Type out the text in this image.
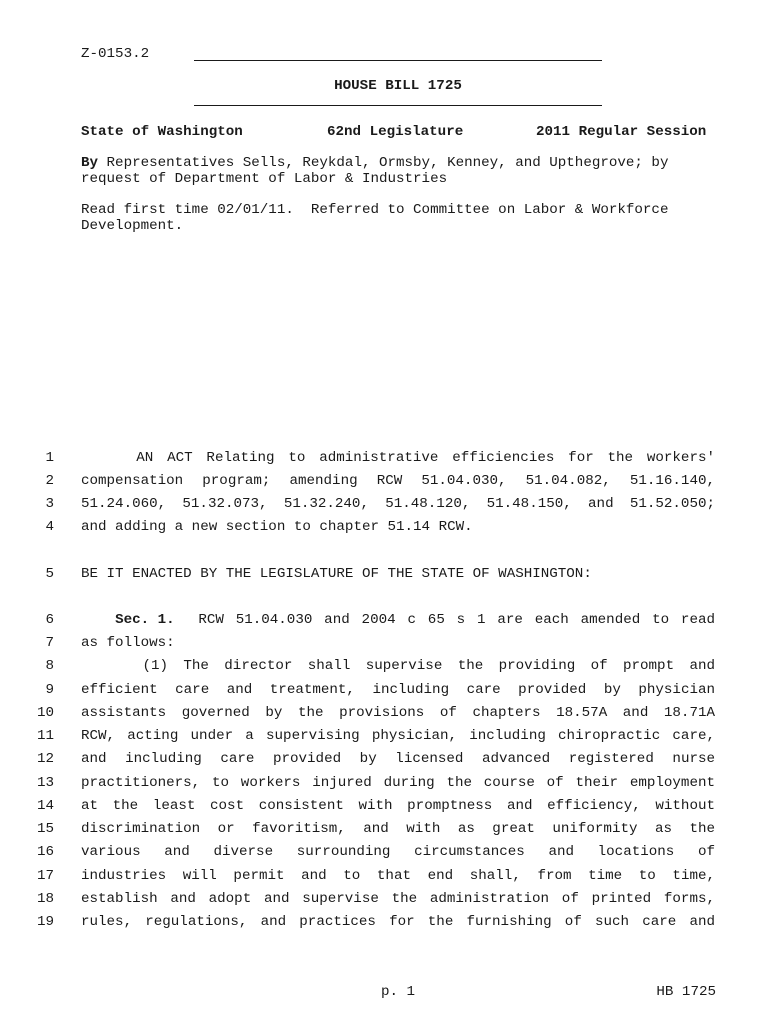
Z-0153.2
HOUSE BILL 1725
State of Washington	62nd Legislature	2011 Regular Session
By Representatives Sells, Reykdal, Ormsby, Kenney, and Upthegrove; by
request of Department of Labor & Industries
Read first time 02/01/11.  Referred to Committee on Labor & Workforce
Development.
1 AN ACT Relating to administrative efficiencies for the workers'
2 compensation program; amending RCW 51.04.030, 51.04.082, 51.16.140,
3 51.24.060, 51.32.073, 51.32.240, 51.48.120, 51.48.150, and 51.52.050;
4 and adding a new section to chapter 51.14 RCW.
5 BE IT ENACTED BY THE LEGISLATURE OF THE STATE OF WASHINGTON:
6
	Sec. 1. RCW 51.04.030 and 2004 c 65 s 1 are each amended to read
7 as follows:
8 (1) The director shall supervise the providing of prompt and
9 efficient care and treatment, including care provided by physician
10 assistants governed by the provisions of chapters 18.57A and 18.71A
11 RCW, acting under a supervising physician, including chiropractic care,
12 and including care provided by licensed advanced registered nurse
13 practitioners, to workers injured during the course of their employment
14 at the least cost consistent with promptness and efficiency, without
15 discrimination or favoritism, and with as great uniformity as the
16 various and diverse surrounding circumstances and locations of
17 industries will permit and to that end shall, from time to time,
18 establish and adopt and supervise the administration of printed forms,
19 rules, regulations, and practices for the furnishing of such care and
p. 1	HB 1725
